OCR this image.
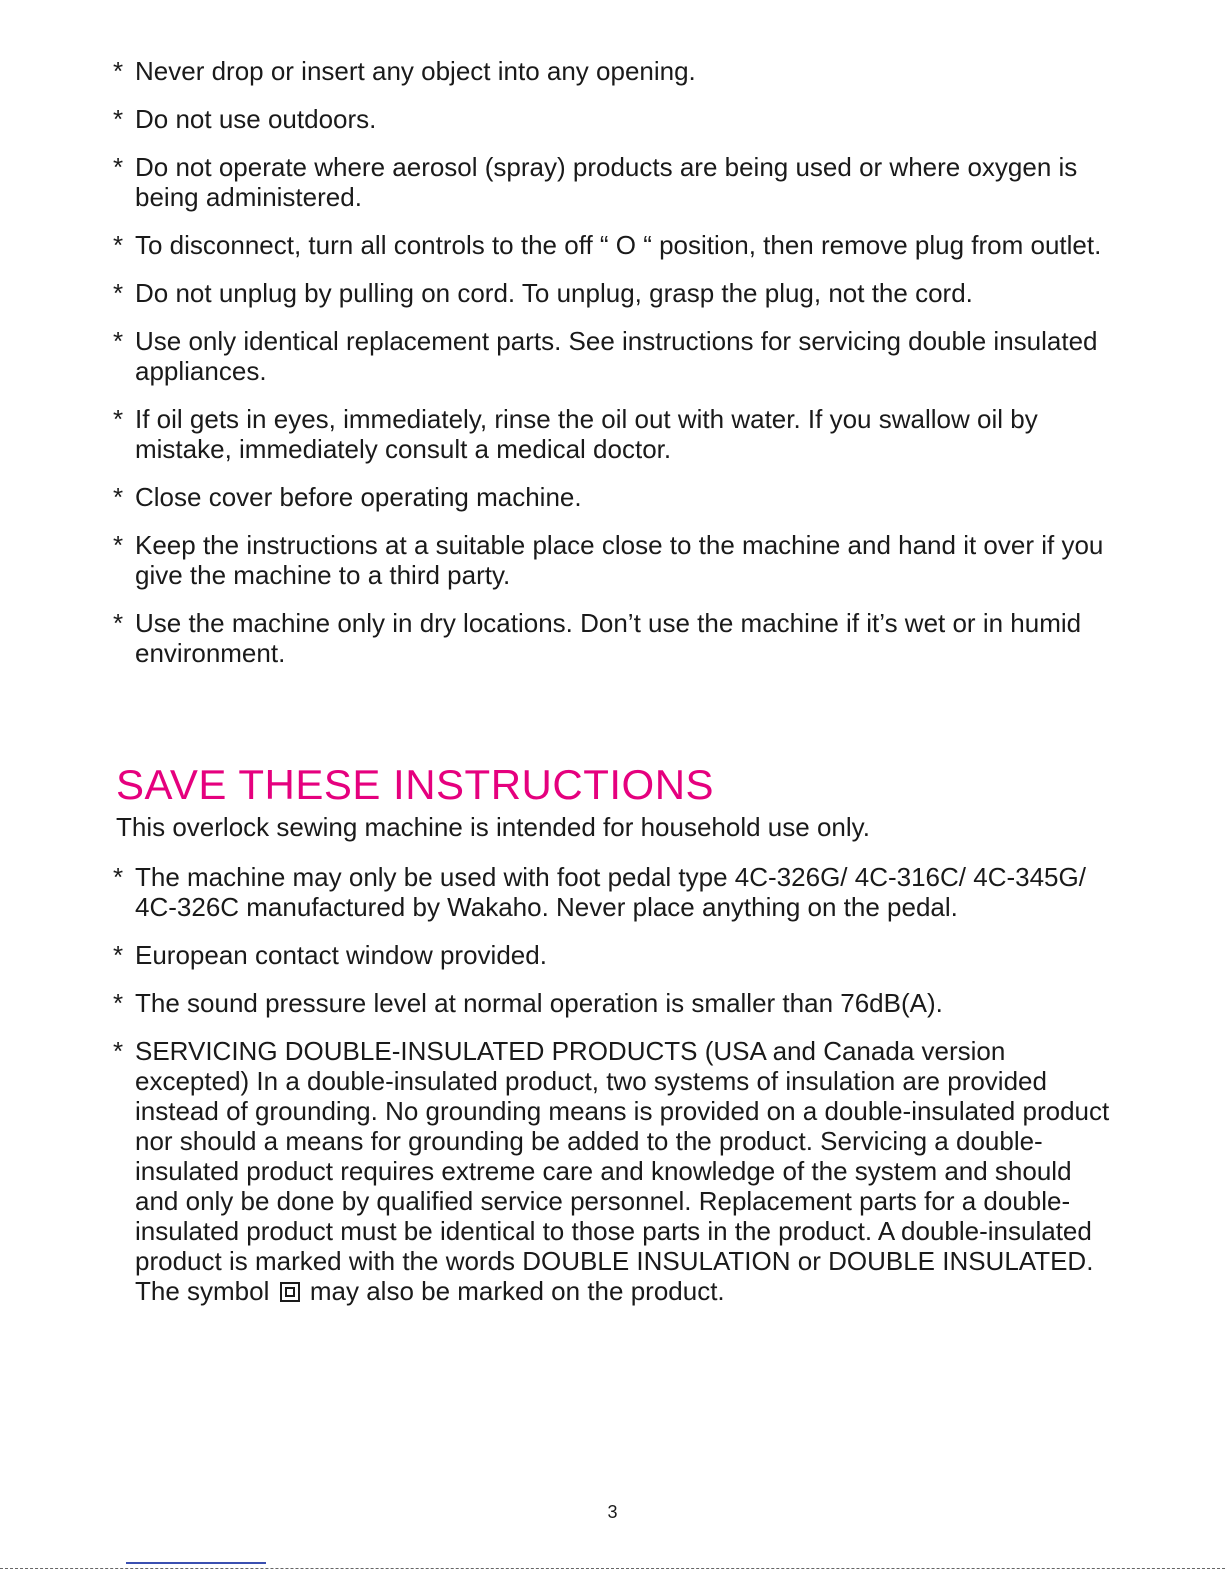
* Never drop or insert any object into any opening.
* Do not use outdoors.
* Do not operate where aerosol (spray) products are being used or where oxygen is being administered.
* To disconnect, turn all controls to the off “ O “ position, then remove plug from outlet.
* Do not unplug by pulling on cord. To unplug, grasp the plug, not the cord.
* Use only identical replacement parts. See instructions for servicing double insulated appliances.
* If oil gets in eyes, immediately, rinse the oil out with water. If you swallow oil by mistake, immediately consult a medical doctor.
* Close cover before operating machine.
* Keep the instructions at a suitable place close to the machine and hand it over if you give the machine to a third party.
* Use the machine only in dry locations. Don’t use the machine if it’s wet or in humid environment.
SAVE THESE INSTRUCTIONS

This overlock sewing machine is intended for household use only.

* The machine may only be used with foot pedal type 4C-326G/ 4C-316C/ 4C-345G/ 4C-326C manufactured by Wakaho. Never place anything on the pedal.
* European contact window provided.
* The sound pressure level at normal operation is smaller than 76dB(A).
* SERVICING DOUBLE-INSULATED PRODUCTS (USA and Canada version excepted) In a double-insulated product, two systems of insulation are provided instead of grounding. No grounding means is provided on a double-insulated product nor should a means for grounding be added to the product. Servicing a double-insulated product requires extreme care and knowledge of the system and should and only be done by qualified service personnel. Replacement parts for a double-insulated product must be identical to those parts in the product. A double-insulated product is marked with the words DOUBLE INSULATION or DOUBLE INSULATED.
The symbol may also be marked on the product.
3
